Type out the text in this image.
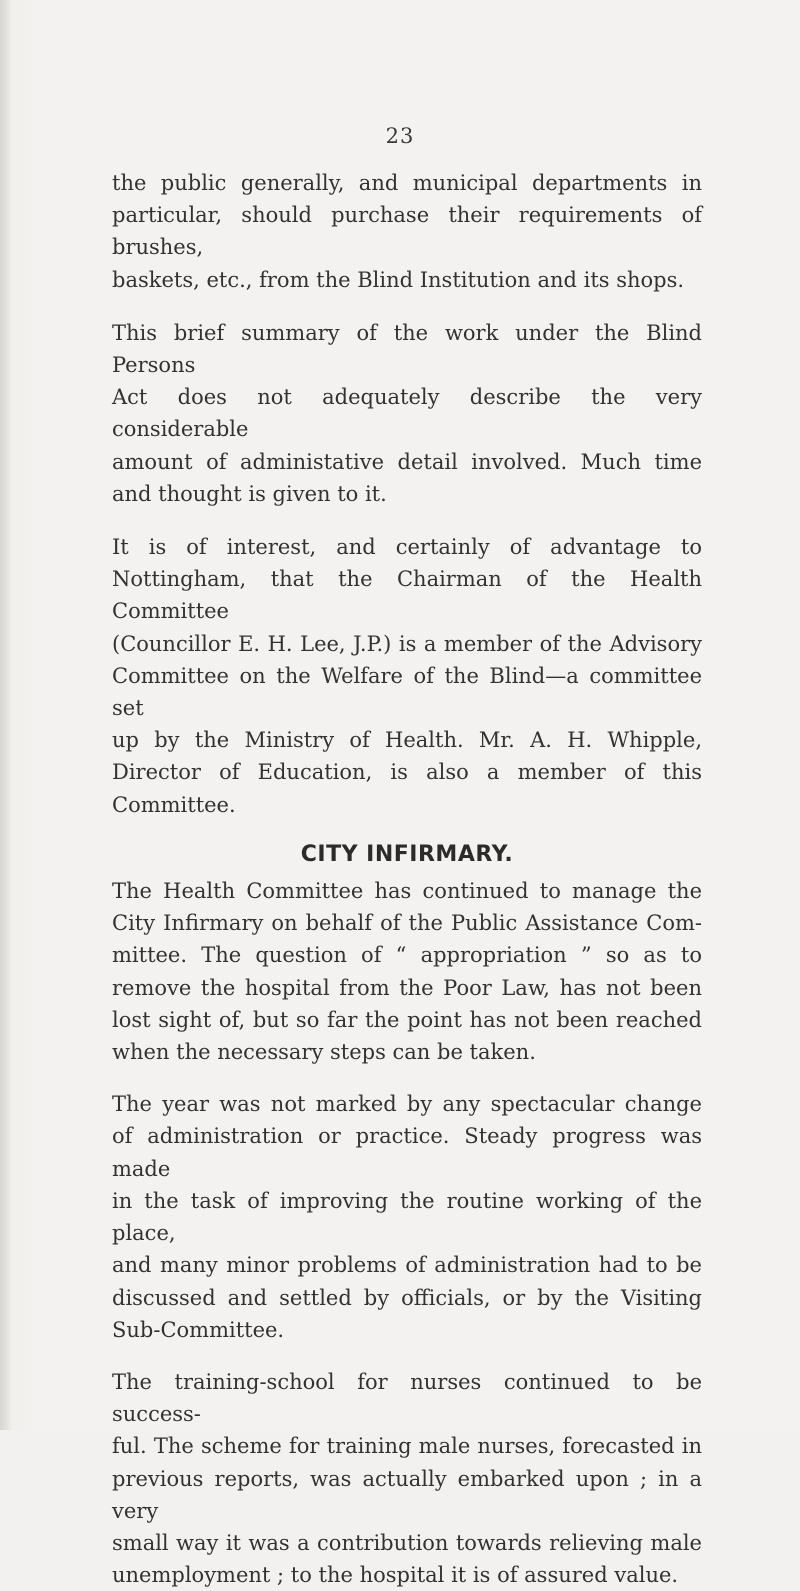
23

the public generally, and municipal departments in

particular, should purchase their requirements of brushes,

baskets, etc., from the Blind Institution and its shops.

This brief summary of the work under the Blind Persons

Act does not adequately describe the very considerable

amount of administative detail involved. Much time

and thought is given to it.

It is of interest, and certainly of advantage to

Nottingham, that the Chairman of the Health Committee

(Councillor E. H. Lee, J.P.) is a member of the Advisory

Committee on the Welfare of the Blind—a committee set

up by the Ministry of Health. Mr. A. H. Whipple,

Director of Education, is also a member of this Committee.

CITY INFIRMARY.

The Health Committee has continued to manage the

City Infirmary on behalf of the Public Assistance Com-

mittee. The question of “ appropriation ” so as to

remove the hospital from the Poor Law, has not been

lost sight of, but so far the point has not been reached

when the necessary steps can be taken.

The year was not marked by any spectacular change

of administration or practice. Steady progress was made

in the task of improving the routine working of the place,

and many minor problems of administration had to be

discussed and settled by officials, or by the Visiting

Sub-Committee.

The training-school for nurses continued to be success-

ful. The scheme for training male nurses, forecasted in

previous reports, was actually embarked upon ; in a very

small way it was a contribution towards relieving male

unemployment ; to the hospital it is of assured value.
